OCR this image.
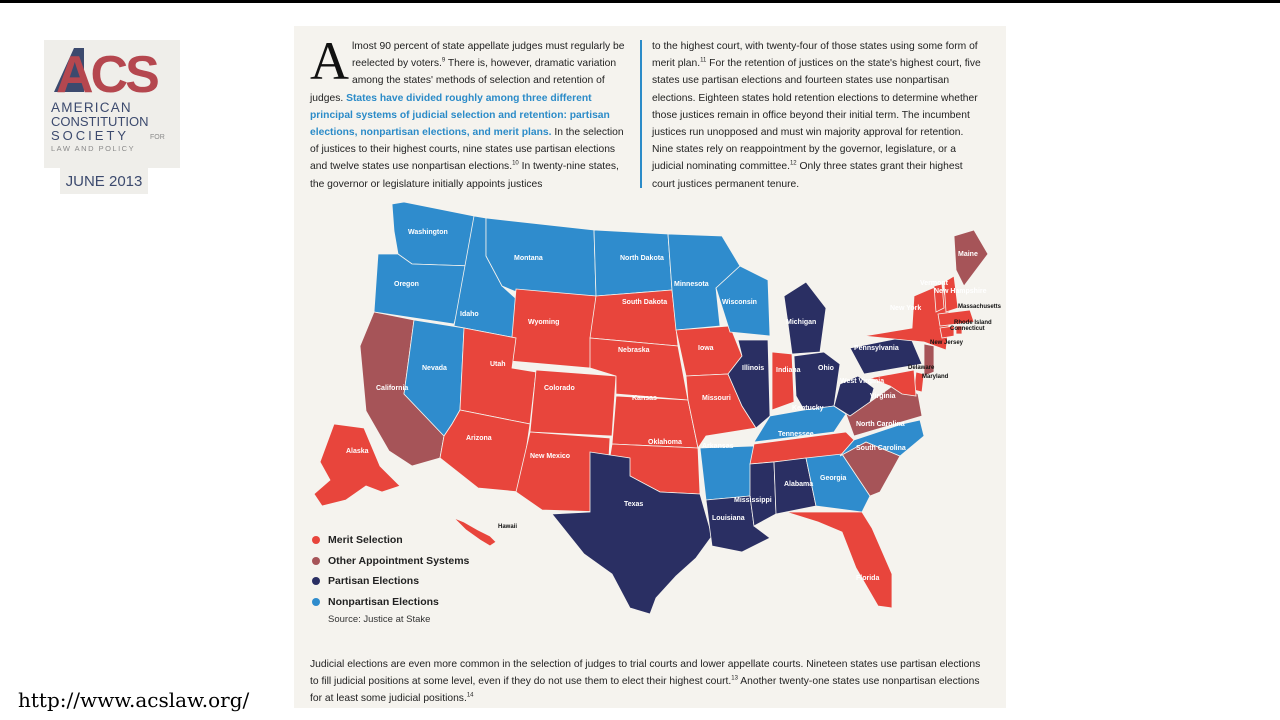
ACS
AMERICAN
CONSTITUTION
SOCIETY	FOR
LAW AND POLICY
JUNE 2013
Almost 90 percent of state appellate judges must regularly be reelected by voters.$^9$ There is, however, dramatic variation among the states' methods of selection and retention of judges. States have divided roughly among three different principal systems of judicial selection and retention: partisan elections, nonpartisan elections, and merit plans. In the selection of justices to their highest courts, nine states use partisan elections and twelve states use nonpartisan elections.$^{10}$ In twenty-nine states, the governor or legislature initially appoints justices
to the highest court, with twenty-four of those states using some form of merit plan.$^{11}$ For the retention of justices on the state's highest court, five states use partisan elections and fourteen states use nonpartisan elections. Eighteen states hold retention elections to determine whether those justices remain in office beyond their initial term. The incumbent justices run unopposed and must win majority approval for retention. Nine states rely on reappointment by the governor, legislature, or a judicial nominating committee.$^{12}$ Only three states grant their highest court justices permanent tenure.
Washington
Oregon
California
Idaho
Nevada
Montana
Wyoming
Utah
Colorado
Arizona
New Mexico
North Dakota
South Dakota
Nebraska
Kansas
Oklahoma
Texas
Minnesota
Iowa
Missouri
Arkansas
Louisiana
Wisconsin
Illinois
Michigan
Indiana Ohio
Kentucky
Tennessee
Mississippi
Alabama
Georgia
Florida
South Carolina
North Carolina
Virginia
West Virginia
Pennsylvania
New York
Maine
Vermont
New Hampshire
Massachusetts
Rhode Island
Connecticut
New Jersey
Delaware
Maryland
Alaska
Hawaii
Merit Selection
Other Appointment Systems
Partisan Elections
Nonpartisan Elections
Source: Justice at Stake
Judicial elections are even more common in the selection of judges to trial courts and lower appellate courts. Nineteen states use partisan elections to fill judicial positions at some level, even if they do not use them to elect their highest court.$^{13}$ Another twenty-one states use nonpartisan elections for at least some judicial positions.$^{14}$
http://www.acslaw.org/
